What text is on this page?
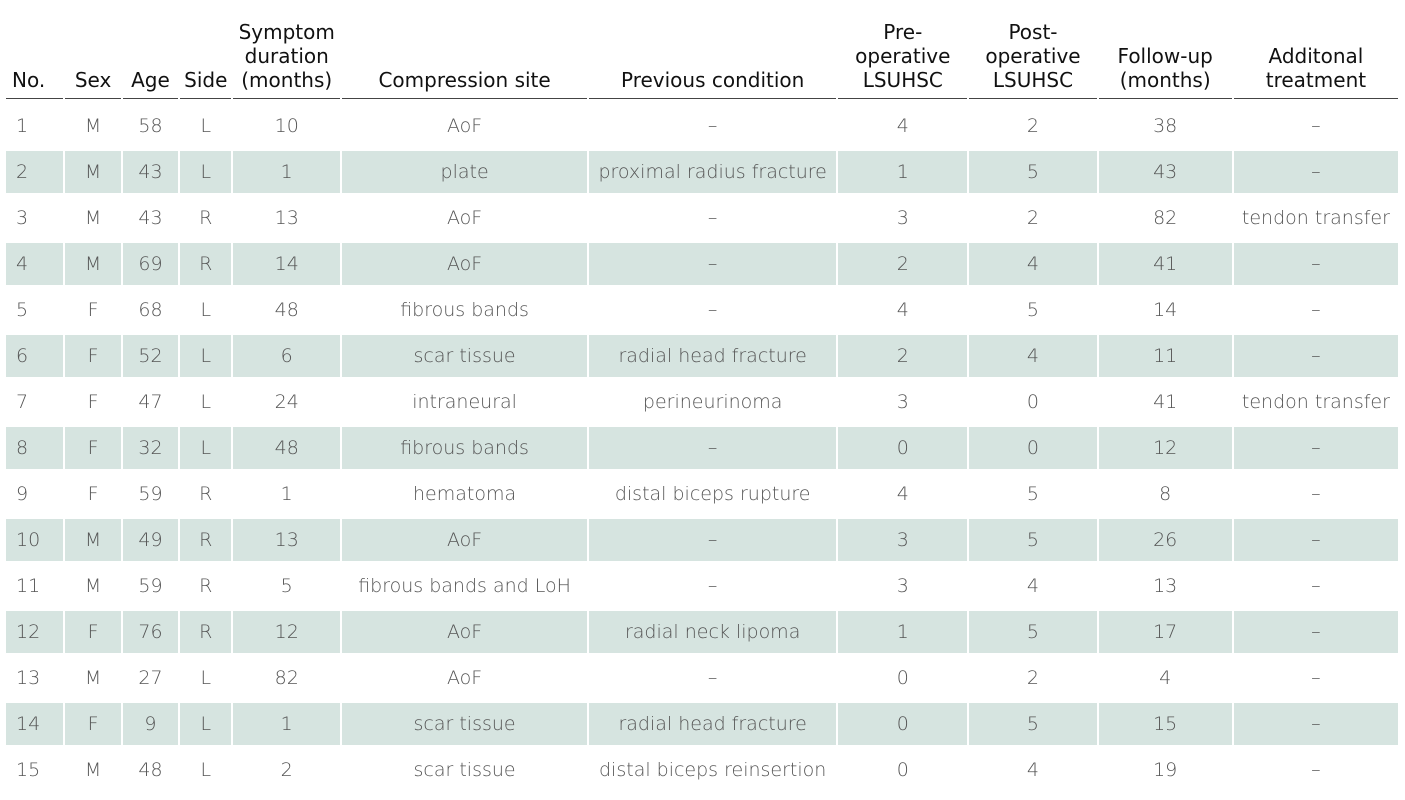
No.	Sex	Age	Side	Symptom
duration
(months)	Compression site	Previous condition	Pre-operative LSUHSC	Post-operative LSUHSC	Follow-up
(months)	Additonal
treatment
1	M	58	L	10	AoF	–	4	2	38	–
2	M	43	L	1	plate	proximal radius fracture	1	5	43	–
3	M	43	R	13	AoF	–	3	2	82	tendon transfer
4	M	69	R	14	AoF	–	2	4	41	–
5	F	68	L	48	fibrous bands	–	4	5	14	–
6	F	52	L	6	scar tissue	radial head fracture	2	4	11	–
7	F	47	L	24	intraneural	perineurinoma	3	0	41	tendon transfer
8	F	32	L	48	fibrous bands	–	0	0	12	–
9	F	59	R	1	hematoma	distal biceps rupture	4	5	8	–
10	M	49	R	13	AoF	–	3	5	26	–
11	M	59	R	5	fibrous bands and LoH	–	3	4	13	–
12	F	76	R	12	AoF	radial neck lipoma	1	5	17	–
13	M	27	L	82	AoF	–	0	2	4	–
14	F	9	L	1	scar tissue	radial head fracture	0	5	15	–
15	M	48	L	2	scar tissue	distal biceps reinsertion	0	4	19	–
